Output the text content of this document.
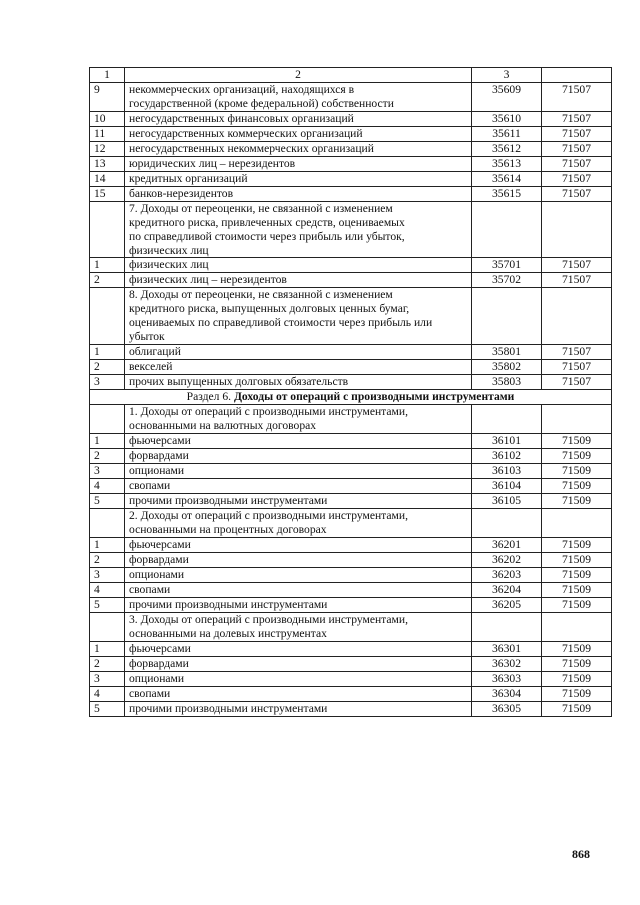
1	2	3	
9	некоммерческих организаций, находящихся в
государственной (кроме федеральной) собственности	35609	71507
10	негосударственных финансовых организаций	35610	71507
11	негосударственных коммерческих организаций	35611	71507
12	негосударственных некоммерческих организаций	35612	71507
13	юридических лиц – нерезидентов	35613	71507
14	кредитных организаций	35614	71507
15	банков-нерезидентов	35615	71507
	7. Доходы от переоценки, не связанной с изменением
кредитного риска, привлеченных средств, оцениваемых
по справедливой стоимости через прибыль или убыток,
физических лиц		
1	физических лиц	35701	71507
2	физических лиц – нерезидентов	35702	71507
	8. Доходы от переоценки, не связанной с изменением
кредитного риска, выпущенных долговых ценных бумаг,
оцениваемых по справедливой стоимости через прибыль или
убыток		
1	облигаций	35801	71507
2	векселей	35802	71507
3	прочих выпущенных долговых обязательств	35803	71507
Раздел 6. Доходы от операций с производными инструментами			
	1. Доходы от операций с производными инструментами,
основанными на валютных договорах		
1	фьючерсами	36101	71509
2	форвардами	36102	71509
3	опционами	36103	71509
4	свопами	36104	71509
5	прочими производными инструментами	36105	71509
	2. Доходы от операций с производными инструментами,
основанными на процентных договорах		
1	фьючерсами	36201	71509
2	форвардами	36202	71509
3	опционами	36203	71509
4	свопами	36204	71509
5	прочими производными инструментами	36205	71509
	3. Доходы от операций с производными инструментами,
основанными на долевых инструментах		
1	фьючерсами	36301	71509
2	форвардами	36302	71509
3	опционами	36303	71509
4	свопами	36304	71509
5	прочими производными инструментами	36305	71509
868
